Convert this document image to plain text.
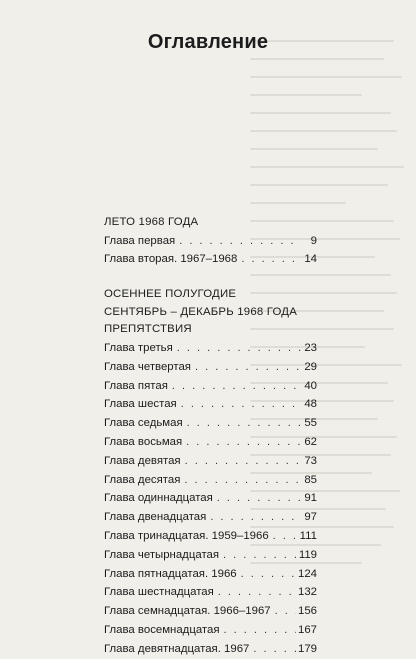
Оглавление
ЛЕТО 1968 ГОДА
Глава первая . . .	9
Глава вторая. 1967–1968 . . .	14
ОСЕННЕЕ ПОЛУГОДИЕ
СЕНТЯБРЬ – ДЕКАБРЬ 1968 ГОДА
ПРЕПЯТСТВИЯ
Глава третья . . .	23
Глава четвертая . . .	29
Глава пятая . . .	40
Глава шестая . . .	48
Глава седьмая . . .	55
Глава восьмая . . .	62
Глава девятая . . .	73
Глава десятая . . .	85
Глава одиннадцатая . . .	91
Глава двенадцатая . . .	97
Глава тринадцатая. 1959–1966 . . .	111
Глава четырнадцатая . . .	119
Глава пятнадцатая. 1966 . . .	124
Глава шестнадцатая . . .	132
Глава семнадцатая. 1966–1967 . . . 156
Глава восемнадцатая . . .	167
Глава девятнадцатая. 1967 . . .	179
